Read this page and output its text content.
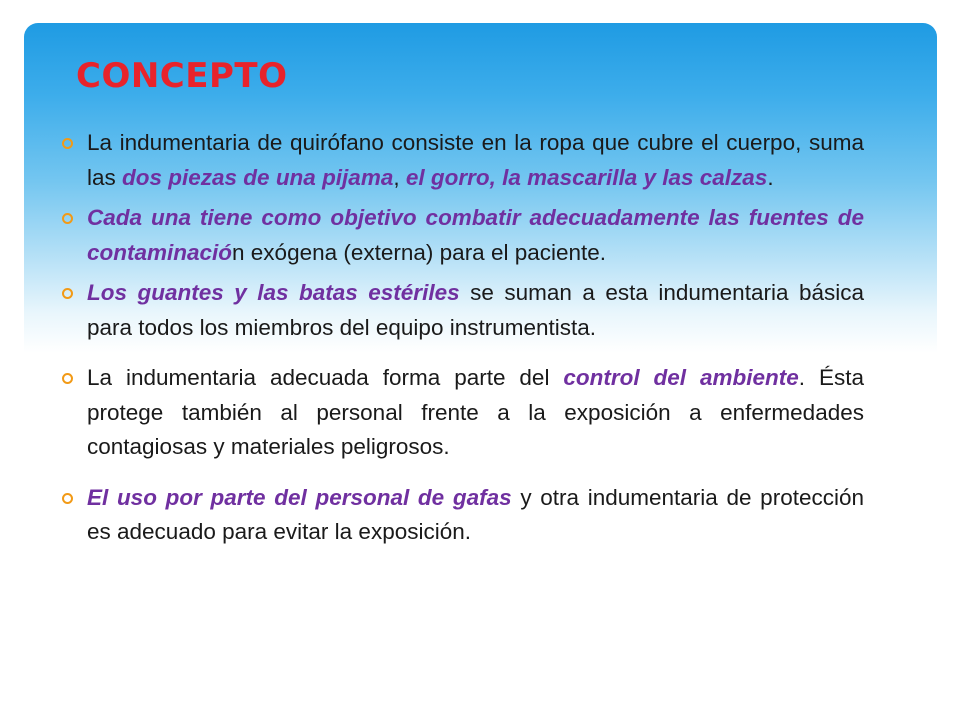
CONCEPTO
La indumentaria de quirófano consiste en la ropa que cubre el cuerpo, suma las dos piezas de una pijama, el gorro, la mascarilla y las calzas.
Cada una tiene como objetivo combatir adecuadamente las fuentes de contaminación exógena (externa) para el paciente.
Los guantes y las batas estériles se suman a esta indumentaria básica para todos los miembros del equipo instrumentista.
La indumentaria adecuada forma parte del control del ambiente. Ésta protege también al personal frente a la exposición a enfermedades contagiosas y materiales peligrosos.
El uso por parte del personal de gafas y otra indumentaria de protección es adecuado para evitar la exposición.
